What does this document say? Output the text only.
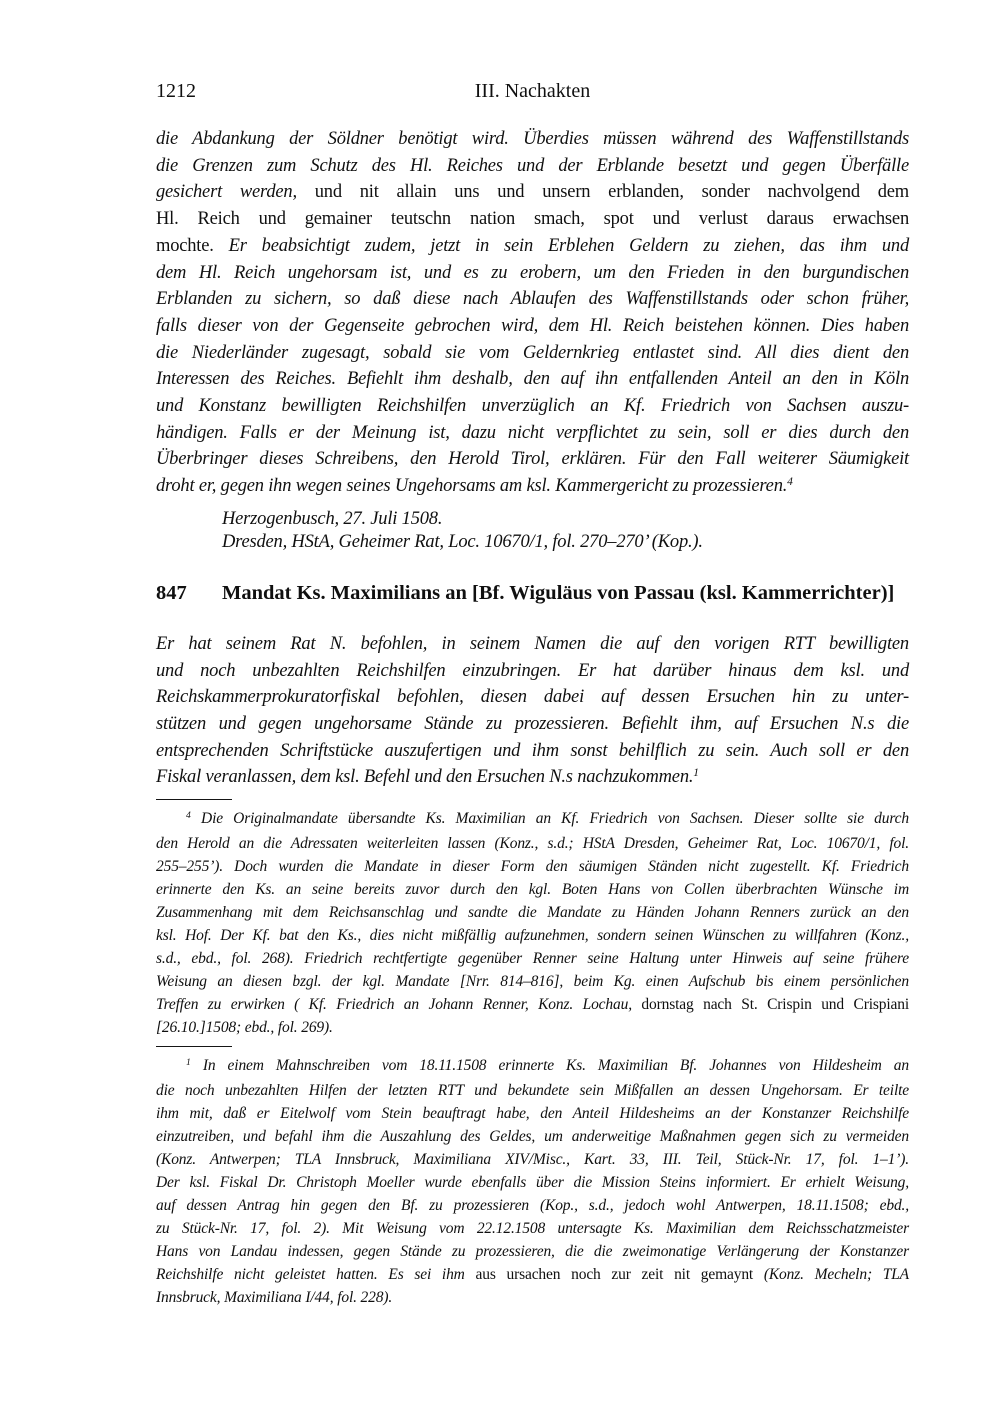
1212	III. Nachakten
die Abdankung der Söldner benötigt wird. Überdies müssen während des Waffenstillstands
die Grenzen zum Schutz des Hl. Reiches und der Erblande besetzt und gegen Überfälle
gesichert werden, und nit allain uns und unsern erblanden, sonder nachvolgend dem
Hl. Reich und gemainer teutschn nation smach, spot und verlust daraus erwachsen
mochte. Er beabsichtigt zudem, jetzt in sein Erblehen Geldern zu ziehen, das ihm und
dem Hl. Reich ungehorsam ist, und es zu erobern, um den Frieden in den burgundischen
Erblanden zu sichern, so daß diese nach Ablaufen des Waffenstillstands oder schon früher,
falls dieser von der Gegenseite gebrochen wird, dem Hl. Reich beistehen können. Dies haben
die Niederländer zugesagt, sobald sie vom Geldernkrieg entlastet sind. All dies dient den
Interessen des Reiches. Befiehlt ihm deshalb, den auf ihn entfallenden Anteil an den in Köln
und Konstanz bewilligten Reichshilfen unverzüglich an Kf. Friedrich von Sachsen auszu-
händigen. Falls er der Meinung ist, dazu nicht verpflichtet zu sein, soll er dies durch den
Überbringer dieses Schreibens, den Herold Tirol, erklären. Für den Fall weiterer Säumigkeit
droht er, gegen ihn wegen seines Ungehorsams am ksl. Kammergericht zu prozessieren.$^4$
Herzogenbusch, 27. Juli 1508.
Dresden, HStA, Geheimer Rat, Loc. 10670/1, fol. 270–270’ (Kop.).
847	Mandat Ks. Maximilians an [Bf. Wiguläus von Passau (ksl. Kammerrichter)]
Er hat seinem Rat N. befohlen, in seinem Namen die auf den vorigen RTT bewilligten
und noch unbezahlten Reichshilfen einzubringen. Er hat darüber hinaus dem ksl. und
Reichskammerprokuratorfiskal befohlen, diesen dabei auf dessen Ersuchen hin zu unter-
stützen und gegen ungehorsame Stände zu prozessieren. Befiehlt ihm, auf Ersuchen N.s die
entsprechenden Schriftstücke auszufertigen und ihm sonst behilflich zu sein. Auch soll er den
Fiskal veranlassen, dem ksl. Befehl und den Ersuchen N.s nachzukommen.$^1$
$^4$ Die Originalmandate übersandte Ks. Maximilian an Kf. Friedrich von Sachsen. Dieser sollte sie durch
den Herold an die Adressaten weiterleiten lassen (Konz., s.d.; HStA Dresden, Geheimer Rat, Loc. 10670/1, fol.
255–255’). Doch wurden die Mandate in dieser Form den säumigen Ständen nicht zugestellt. Kf. Friedrich
erinnerte den Ks. an seine bereits zuvor durch den kgl. Boten Hans von Collen überbrachten Wünsche im
Zusammenhang mit dem Reichsanschlag und sandte die Mandate zu Händen Johann Renners zurück an den
ksl. Hof. Der Kf. bat den Ks., dies nicht mißfällig aufzunehmen, sondern seinen Wünschen zu willfahren (Konz.,
s.d., ebd., fol. 268). Friedrich rechtfertigte gegenüber Renner seine Haltung unter Hinweis auf seine frühere
Weisung an diesen bzgl. der kgl. Mandate [Nrr. 814–816], beim Kg. einen Aufschub bis einem persönlichen
Treffen zu erwirken ( Kf. Friedrich an Johann Renner, Konz. Lochau, dornstag nach St. Crispin und Crispiani
[26.10.]1508; ebd., fol. 269).
$^1$ In einem Mahnschreiben vom 18.11.1508 erinnerte Ks. Maximilian Bf. Johannes von Hildesheim an
die noch unbezahlten Hilfen der letzten RTT und bekundete sein Mißfallen an dessen Ungehorsam. Er teilte
ihm mit, daß er Eitelwolf vom Stein beauftragt habe, den Anteil Hildesheims an der Konstanzer Reichshilfe
einzutreiben, und befahl ihm die Auszahlung des Geldes, um anderweitige Maßnahmen gegen sich zu vermeiden
(Konz. Antwerpen; TLA Innsbruck, Maximiliana XIV/Misc., Kart. 33, III. Teil, Stück-Nr. 17, fol. 1–1’).
Der ksl. Fiskal Dr. Christoph Moeller wurde ebenfalls über die Mission Steins informiert. Er erhielt Weisung,
auf dessen Antrag hin gegen den Bf. zu prozessieren (Kop., s.d., jedoch wohl Antwerpen, 18.11.1508; ebd.,
zu Stück-Nr. 17, fol. 2). Mit Weisung vom 22.12.1508 untersagte Ks. Maximilian dem Reichsschatzmeister
Hans von Landau indessen, gegen Stände zu prozessieren, die die zweimonatige Verlängerung der Konstanzer
Reichshilfe nicht geleistet hatten. Es sei ihm aus ursachen noch zur zeit nit gemaynt (Konz. Mecheln; TLA
Innsbruck, Maximiliana I/44, fol. 228).
